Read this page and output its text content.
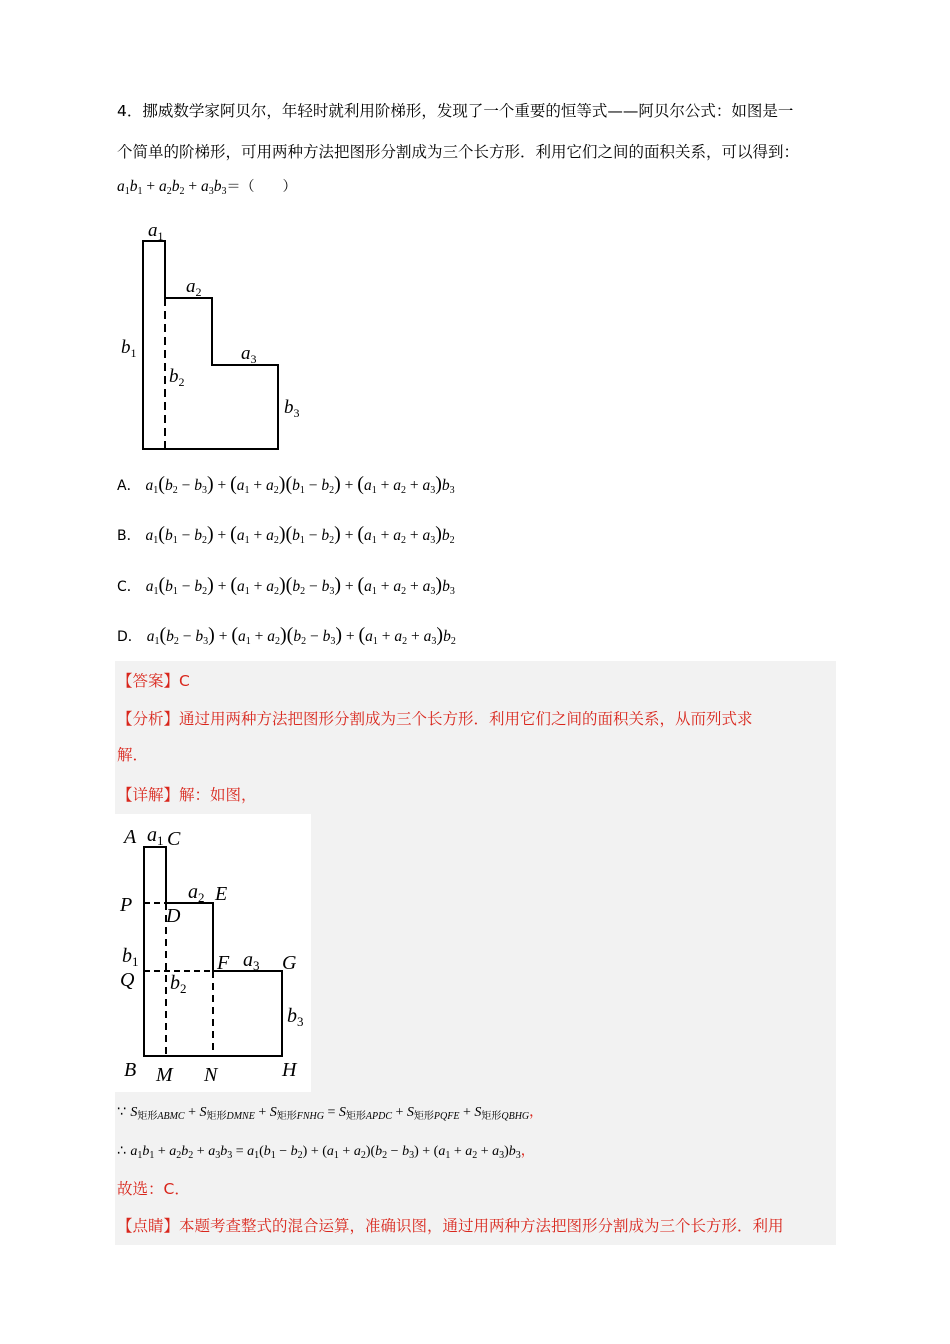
4．挪威数学家阿贝尔，年轻时就利用阶梯形，发现了一个重要的恒等式——阿贝尔公式：如图是一
个简单的阶梯形，可用两种方法把图形分割成为三个长方形．利用它们之间的面积关系，可以得到：
$a_1b_1 + a_2b_2 + a_3b_3=$（　　）
$a_1$
$a_2$
$a_3$
$b_1$
$b_2$
$b_3$
A． $a_1(b_2 - b_3) + (a_1 + a_2)(b_1 - b_2) + (a_1 + a_2 + a_3)b_3$
B． $a_1(b_1 - b_2) + (a_1 + a_2)(b_1 - b_2) + (a_1 + a_2 + a_3)b_2$
C． $a_1(b_1 - b_2) + (a_1 + a_2)(b_2 - b_3) + (a_1 + a_2 + a_3)b_3$
D． $a_1(b_2 - b_3) + (a_1 + a_2)(b_2 - b_3) + (a_1 + a_2 + a_3)b_2$
【答案】C
【分析】通过用两种方法把图形分割成为三个长方形．利用它们之间的面积关系，从而列式求
解．
【详解】解：如图，
A C
P D
E
Q
F	G
B M N	H
$a_1$
$a_2$
$a_3$
$b_1$
$b_2$
$b_3$
∵ $S_{矩形ABMC} + S_{矩形DMNE} + S_{矩形FNHG} = S_{矩形APDC} + S_{矩形PQFE} + S_{矩形QBHG}$，
∴ $a_1b_1 + a_2b_2 + a_3b_3 = a_1(b_1 - b_2) + (a_1 + a_2)(b_2 - b_3) + (a_1 + a_2 + a_3)b_3$，
故选：C．
【点睛】本题考查整式的混合运算，准确识图，通过用两种方法把图形分割成为三个长方形．利用
